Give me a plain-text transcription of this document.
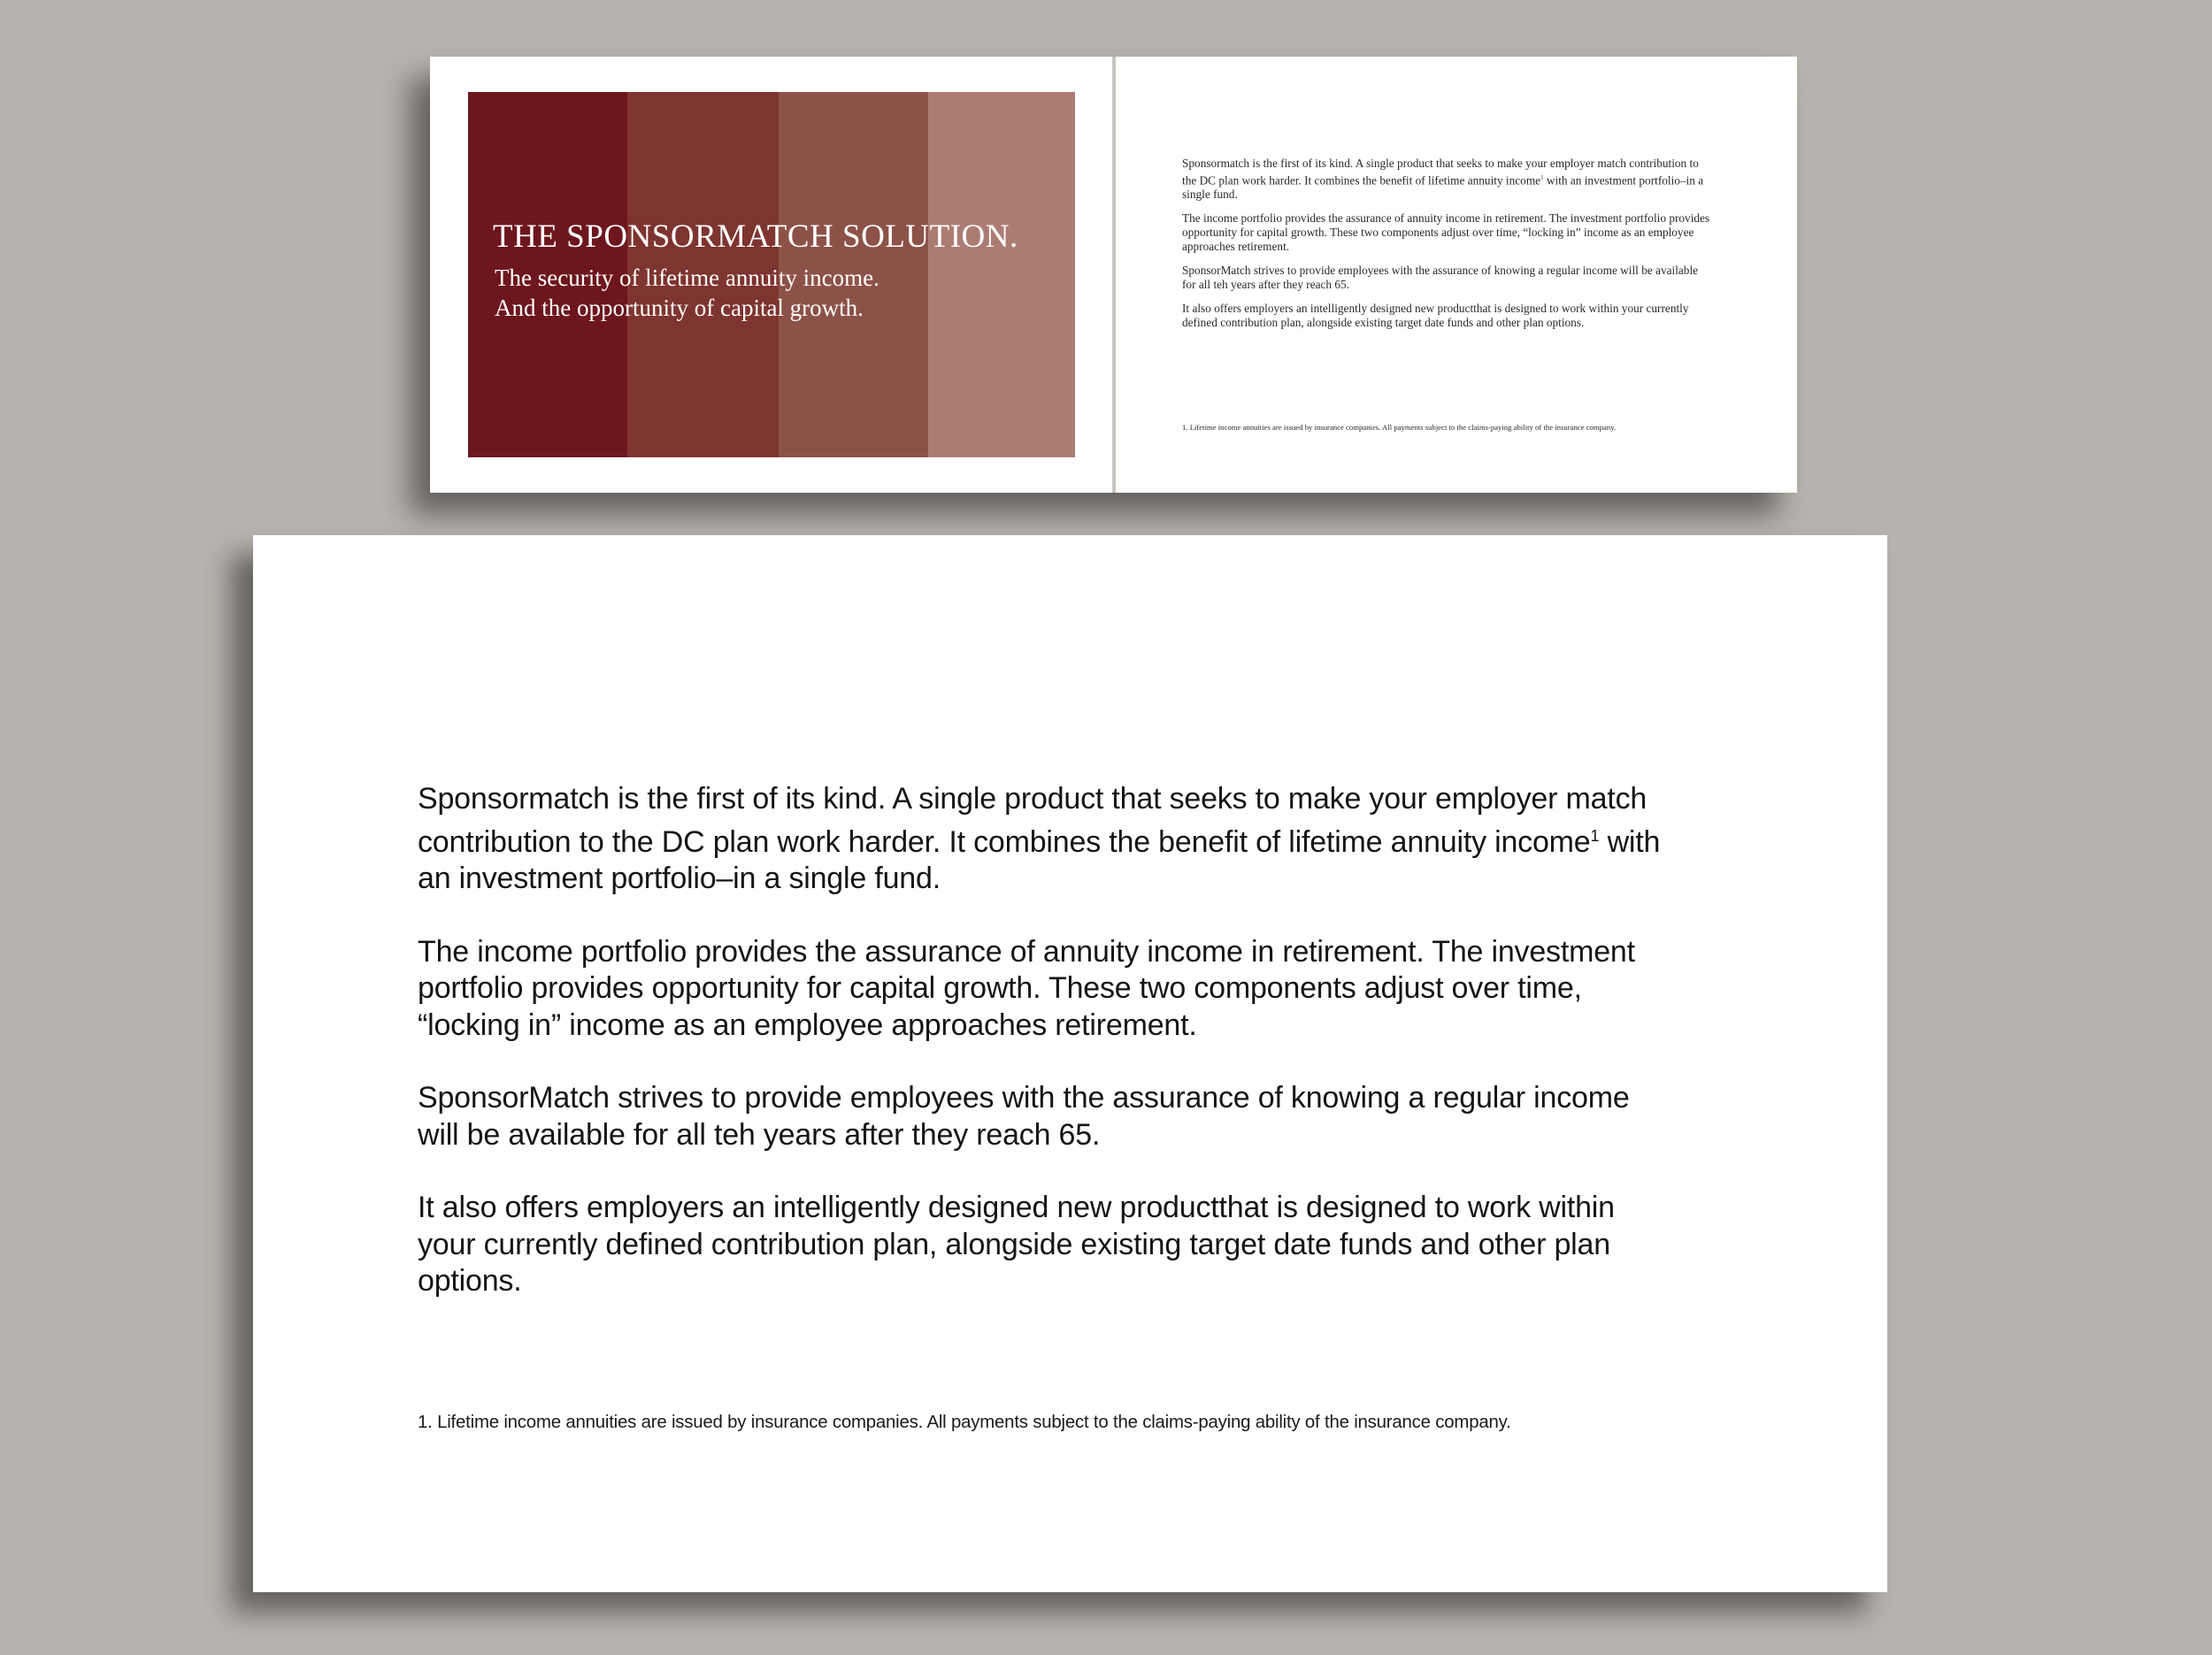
THE SPONSORMATCH SOLUTION.
The security of lifetime annuity income.
And the opportunity of capital growth.

Sponsormatch is the first of its kind. A single product that seeks to make your employer match contribution to the DC plan work harder. It combines the benefit of lifetime annuity income$^1$ with an investment portfolio–in a single fund.

The income portfolio provides the assurance of annuity income in retirement. The investment portfolio provides opportunity for capital growth. These two components adjust over time, “locking in” income as an employee approaches retirement.

SponsorMatch strives to provide employees with the assurance of knowing a regular income will be available for all teh years after they reach 65.

It also offers employers an intelligently designed new productthat is designed to work within your currently defined contribution plan, alongside existing target date funds and other plan options.

1. Lifetime income annuities are issued by insurance companies. All payments subject to the claims-paying ability of the insurance company.

Sponsormatch is the first of its kind. A single product that seeks to make your employer match contribution to the DC plan work harder. It combines the benefit of lifetime annuity income$^1$ with an investment portfolio–in a single fund.

The income portfolio provides the assurance of annuity income in retirement. The investment portfolio provides opportunity for capital growth. These two components adjust over time, “locking in” income as an employee approaches retirement.

SponsorMatch strives to provide employees with the assurance of knowing a regular income will be available for all teh years after they reach 65.

It also offers employers an intelligently designed new productthat is designed to work within your currently defined contribution plan, alongside existing target date funds and other plan options.

1. Lifetime income annuities are issued by insurance companies. All payments subject to the claims-paying ability of the insurance company.
